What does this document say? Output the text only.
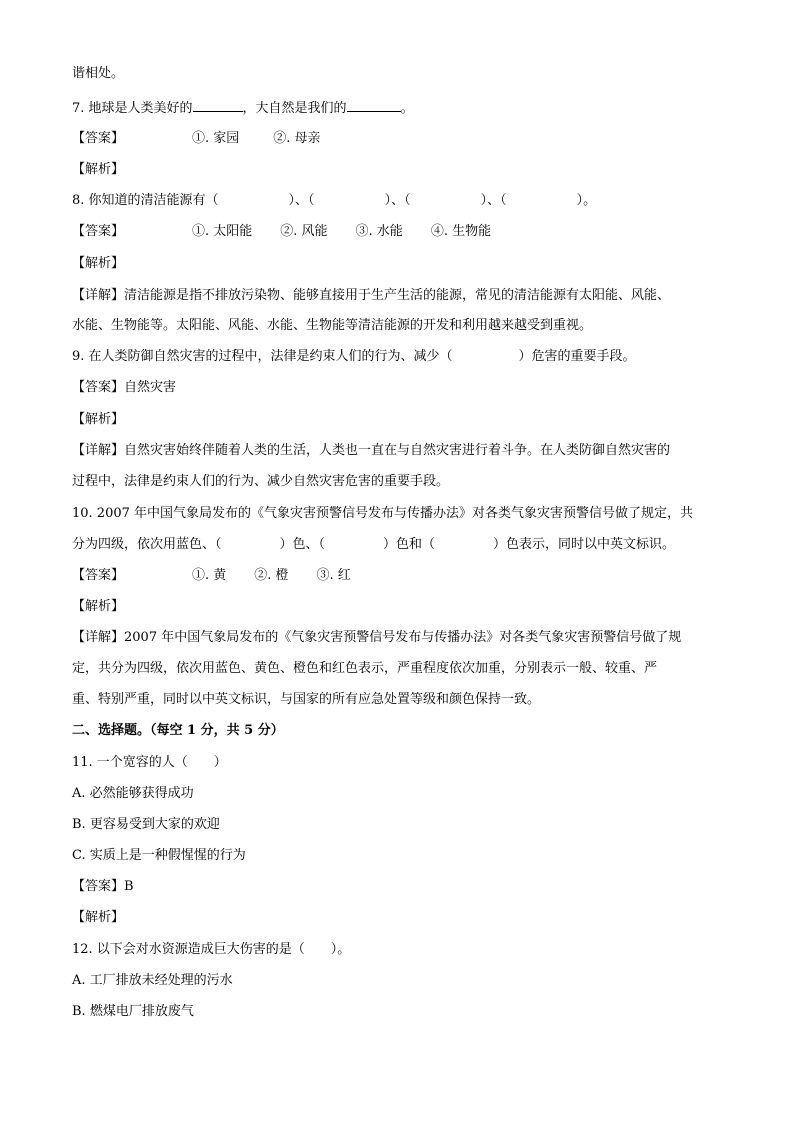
谐相处。
7. 地球是人类美好的	，大自然是我们的	。
【答案】	①. 家园	②. 母亲
【解析】
8. 你知道的清洁能源有（	）、（	）、（	）、（	）。
【答案】	①. 太阳能 ②. 风能 ③. 水能 ④. 生物能
【解析】
【详解】清洁能源是指不排放污染物、能够直接用于生产生活的能源，常见的清洁能源有太阳能、风能、
水能、生物能等。太阳能、风能、水能、生物能等清洁能源的开发和利用越来越受到重视。
9. 在人类防御自然灾害的过程中，法律是约束人们的行为、减少（	）危害的重要手段。
【答案】自然灾害
【解析】
【详解】自然灾害始终伴随着人类的生活，人类也一直在与自然灾害进行着斗争。在人类防御自然灾害的
过程中，法律是约束人们的行为、减少自然灾害危害的重要手段。
10. 2007 年中国气象局发布的《气象灾害预警信号发布与传播办法》对各类气象灾害预警信号做了规定，共
分为四级，依次用蓝色、（	）色、（	）色和（	）色表示，同时以中英文标识。
【答案】	①. 黄 ②. 橙 ③. 红
【解析】
【详解】2007 年中国气象局发布的《气象灾害预警信号发布与传播办法》对各类气象灾害预警信号做了规
定，共分为四级，依次用蓝色、黄色、橙色和红色表示，严重程度依次加重，分别表示一般、较重、严
重、特别严重，同时以中英文标识，与国家的所有应急处置等级和颜色保持一致。
二、选择题。（每空 1 分，共 5 分）
11. 一个宽容的人（　　）
A. 必然能够获得成功
B. 更容易受到大家的欢迎
C. 实质上是一种假惺惺的行为
【答案】B
【解析】
12. 以下会对水资源造成巨大伤害的是（　　）。
A. 工厂排放未经处理的污水
B. 燃煤电厂排放废气
